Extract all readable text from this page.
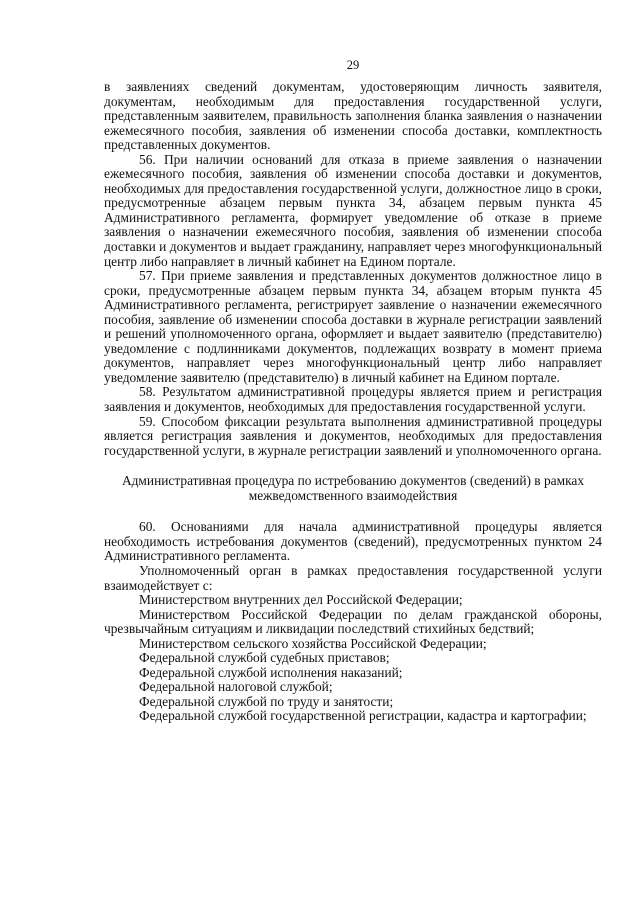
29

в заявлениях сведений документам, удостоверяющим личность заявителя, документам, необходимым для предоставления государственной услуги, представленным заявителем, правильность заполнения бланка заявления о назначении ежемесячного пособия, заявления об изменении способа доставки, комплектность представленных документов.

56. При наличии оснований для отказа в приеме заявления о назначении ежемесячного пособия, заявления об изменении способа доставки и документов, необходимых для предоставления государственной услуги, должностное лицо в сроки, предусмотренные абзацем первым пункта 34, абзацем первым пункта 45 Административного регламента, формирует уведомление об отказе в приеме заявления о назначении ежемесячного пособия, заявления об изменении способа доставки и документов и выдает гражданину, направляет через многофункциональный центр либо направляет в личный кабинет на Едином портале.

57. При приеме заявления и представленных документов должностное лицо в сроки, предусмотренные абзацем первым пункта 34, абзацем вторым пункта 45 Административного регламента, регистрирует заявление о назначении ежемесячного пособия, заявление об изменении способа доставки в журнале регистрации заявлений и решений уполномоченного органа, оформляет и выдает заявителю (представителю) уведомление с подлинниками документов, подлежащих возврату в момент приема документов, направляет через многофункциональный центр либо направляет уведомление заявителю (представителю) в личный кабинет на Едином портале.

58. Результатом административной процедуры является прием и регистрация заявления и документов, необходимых для предоставления государственной услуги.

59. Способом фиксации результата выполнения административной процедуры является регистрация заявления и документов, необходимых для предоставления государственной услуги, в журнале регистрации заявлений и уполномоченного органа.

Административная процедура по истребованию документов (сведений) в рамках межведомственного взаимодействия

60. Основаниями для начала административной процедуры является необходимость истребования документов (сведений), предусмотренных пунктом 24 Административного регламента.

Уполномоченный орган в рамках предоставления государственной услуги взаимодействует с:

Министерством внутренних дел Российской Федерации;

Министерством Российской Федерации по делам гражданской обороны, чрезвычайным ситуациям и ликвидации последствий стихийных бедствий;

Министерством сельского хозяйства Российской Федерации;

Федеральной службой судебных приставов;

Федеральной службой исполнения наказаний;

Федеральной налоговой службой;

Федеральной службой по труду и занятости;

Федеральной службой государственной регистрации, кадастра и картографии;
